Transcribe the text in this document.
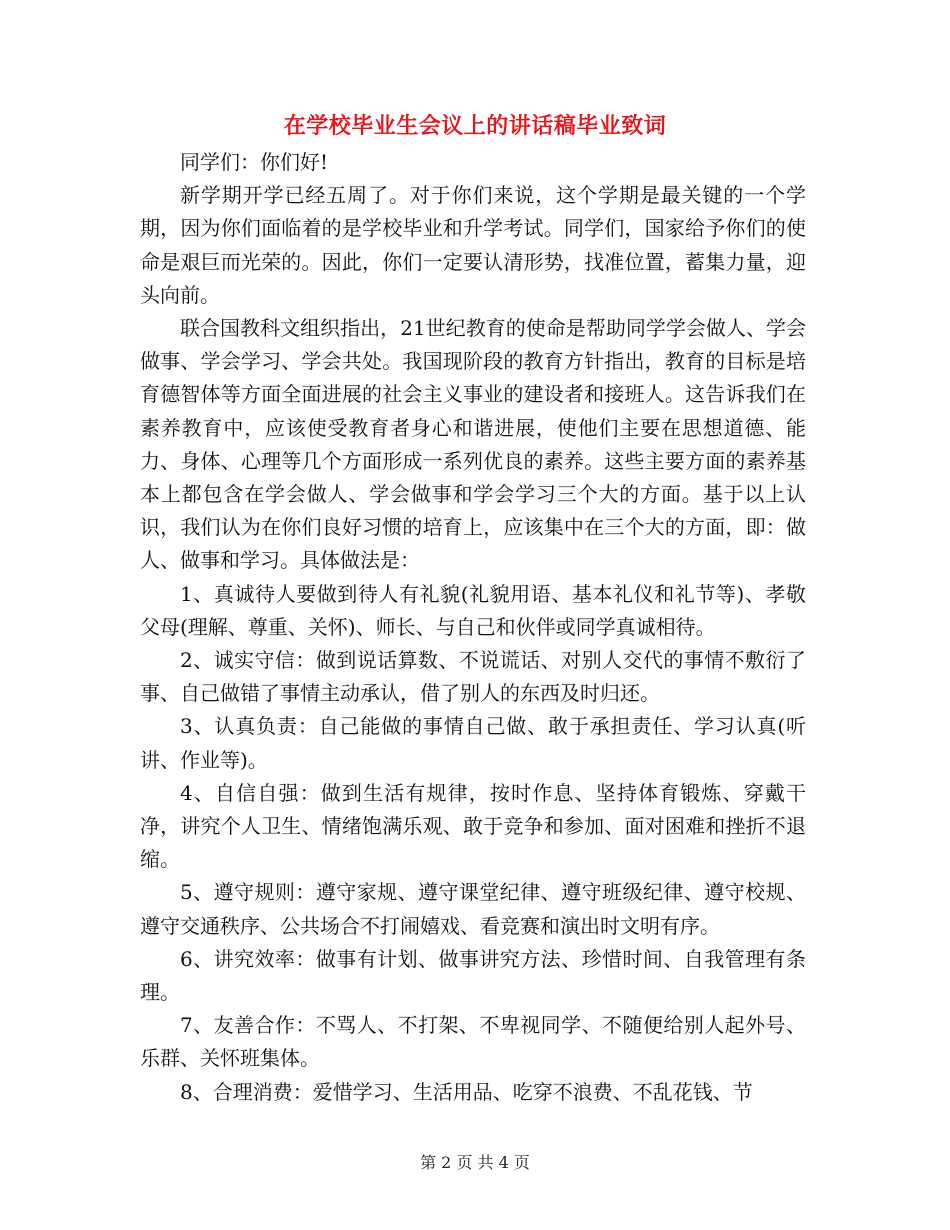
在学校毕业生会议上的讲话稿毕业致词

同学们：你们好!

新学期开学已经五周了。对于你们来说，这个学期是最关键的一个学期，因为你们面临着的是学校毕业和升学考试。同学们，国家给予你们的使命是艰巨而光荣的。因此，你们一定要认清形势，找准位置，蓄集力量，迎头向前。

联合国教科文组织指出，21世纪教育的使命是帮助同学学会做人、学会做事、学会学习、学会共处。我国现阶段的教育方针指出，教育的目标是培育德智体等方面全面进展的社会主义事业的建设者和接班人。这告诉我们在素养教育中，应该使受教育者身心和谐进展，使他们主要在思想道德、能力、身体、心理等几个方面形成一系列优良的素养。这些主要方面的素养基本上都包含在学会做人、学会做事和学会学习三个大的方面。基于以上认识，我们认为在你们良好习惯的培育上，应该集中在三个大的方面，即：做人、做事和学习。具体做法是：

1、真诚待人要做到待人有礼貌(礼貌用语、基本礼仪和礼节等)、孝敬父母(理解、尊重、关怀)、师长、与自己和伙伴或同学真诚相待。

2、诚实守信：做到说话算数、不说谎话、对别人交代的事情不敷衍了事、自己做错了事情主动承认，借了别人的东西及时归还。

3、认真负责：自己能做的事情自己做、敢于承担责任、学习认真(听讲、作业等)。

4、自信自强：做到生活有规律，按时作息、坚持体育锻炼、穿戴干净，讲究个人卫生、情绪饱满乐观、敢于竞争和参加、面对困难和挫折不退缩。

5、遵守规则：遵守家规、遵守课堂纪律、遵守班级纪律、遵守校规、遵守交通秩序、公共场合不打闹嬉戏、看竞赛和演出时文明有序。

6、讲究效率：做事有计划、做事讲究方法、珍惜时间、自我管理有条理。

7、友善合作：不骂人、不打架、不卑视同学、不随便给别人起外号、乐群、关怀班集体。

8、合理消费：爱惜学习、生活用品、吃穿不浪费、不乱花钱、节

第 2 页 共 4 页
